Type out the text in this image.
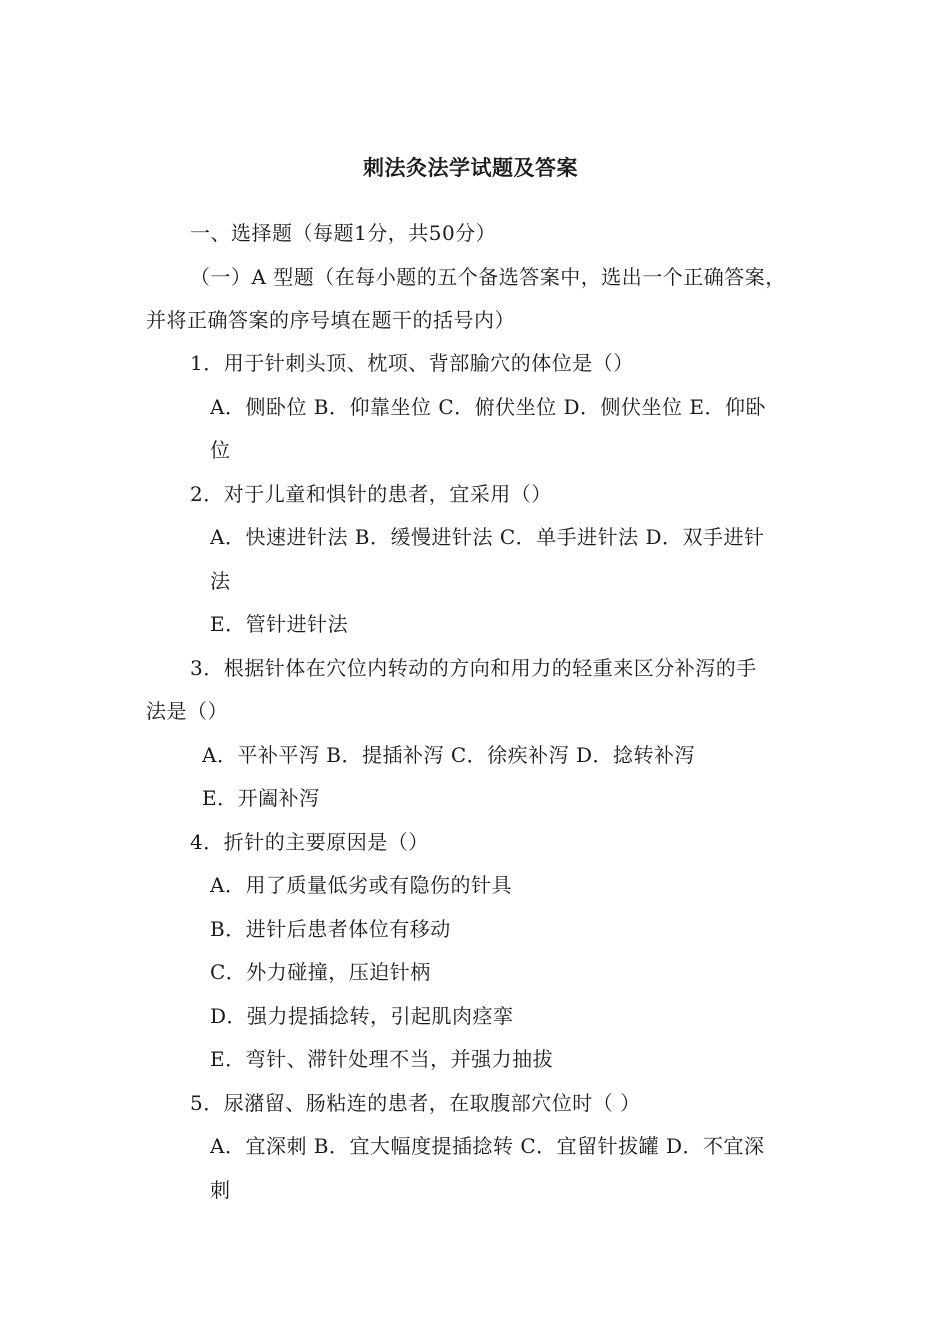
刺法灸法学试题及答案

一、选择题（每题1分，共50分）

（一）A 型题（在每小题的五个备选答案中，选出一个正确答案，

并将正确答案的序号填在题干的括号内）

1．用于针刺头顶、枕项、背部腧穴的体位是（）

A．侧卧位 B．仰靠坐位 C．俯伏坐位 D．侧伏坐位 E．仰卧

位

2．对于儿童和惧针的患者，宜采用（）

A．快速进针法 B．缓慢进针法 C．单手进针法 D．双手进针

法

E．管针进针法

3．根据针体在穴位内转动的方向和用力的轻重来区分补泻的手

法是（）

A．平补平泻 B．提插补泻 C．徐疾补泻 D．捻转补泻

E．开阖补泻

4．折针的主要原因是（）

A．用了质量低劣或有隐伤的针具

B．进针后患者体位有移动

C．外力碰撞，压迫针柄

D．强力提插捻转，引起肌肉痉挛

E．弯针、滞针处理不当，并强力抽拔

5．尿潴留、肠粘连的患者，在取腹部穴位时（ ）

A．宜深刺 B．宜大幅度提插捻转 C．宜留针拔罐 D．不宜深

刺
